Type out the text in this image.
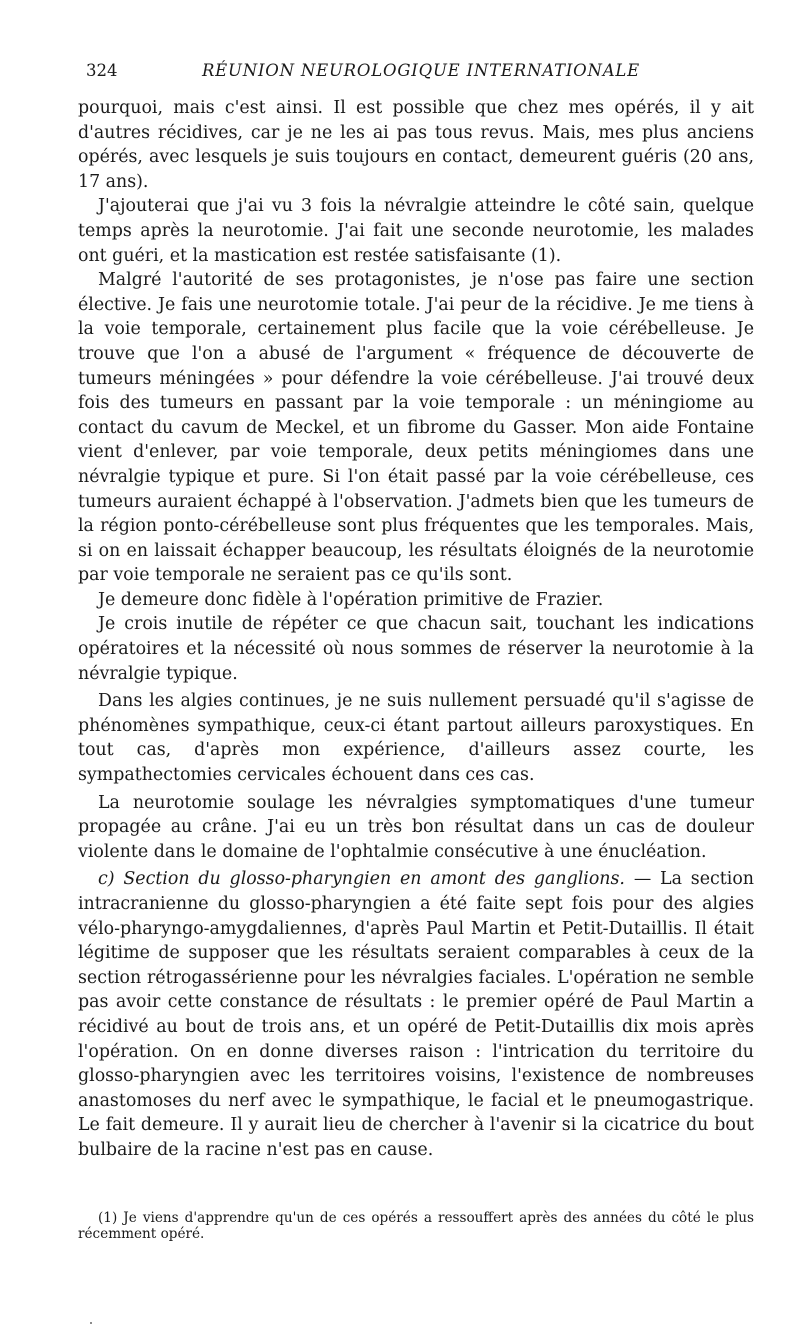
324	RÉUNION NEUROLOGIQUE INTERNATIONALE

pourquoi, mais c'est ainsi. Il est possible que chez mes opérés, il y ait d'autres récidives, car je ne les ai pas tous revus. Mais, mes plus anciens opérés, avec lesquels je suis toujours en contact, demeurent guéris (20 ans, 17 ans).

J'ajouterai que j'ai vu 3 fois la névralgie atteindre le côté sain, quelque temps après la neurotomie. J'ai fait une seconde neurotomie, les malades ont guéri, et la mastication est restée satisfaisante (1).

Malgré l'autorité de ses protagonistes, je n'ose pas faire une section élective. Je fais une neurotomie totale. J'ai peur de la récidive. Je me tiens à la voie temporale, certainement plus facile que la voie cérébelleuse. Je trouve que l'on a abusé de l'argument « fréquence de découverte de tumeurs méningées » pour défendre la voie cérébelleuse. J'ai trouvé deux fois des tumeurs en passant par la voie temporale : un méningiome au contact du cavum de Meckel, et un fibrome du Gasser. Mon aide Fontaine vient d'enlever, par voie temporale, deux petits méningiomes dans une névralgie typique et pure. Si l'on était passé par la voie cérébelleuse, ces tumeurs auraient échappé à l'observation. J'admets bien que les tumeurs de la région ponto-cérébelleuse sont plus fréquentes que les temporales. Mais, si on en laissait échapper beaucoup, les résultats éloignés de la neurotomie par voie temporale ne seraient pas ce qu'ils sont.

Je demeure donc fidèle à l'opération primitive de Frazier.

Je crois inutile de répéter ce que chacun sait, touchant les indications opératoires et la nécessité où nous sommes de réserver la neurotomie à la névralgie typique.

Dans les algies continues, je ne suis nullement persuadé qu'il s'agisse de phénomènes sympathique, ceux-ci étant partout ailleurs paroxystiques. En tout cas, d'après mon expérience, d'ailleurs assez courte, les sympathectomies cervicales échouent dans ces cas.

La neurotomie soulage les névralgies symptomatiques d'une tumeur propagée au crâne. J'ai eu un très bon résultat dans un cas de douleur violente dans le domaine de l'ophtalmie consécutive à une énucléation.

c) Section du glosso-pharyngien en amont des ganglions. — La section intracranienne du glosso-pharyngien a été faite sept fois pour des algies vélo-pharyngo-amygdaliennes, d'après Paul Martin et Petit-Dutaillis. Il était légitime de supposer que les résultats seraient comparables à ceux de la section rétrogassérienne pour les névralgies faciales. L'opération ne semble pas avoir cette constance de résultats : le premier opéré de Paul Martin a récidivé au bout de trois ans, et un opéré de Petit-Dutaillis dix mois après l'opération. On en donne diverses raison : l'intrication du territoire du glosso-pharyngien avec les territoires voisins, l'existence de nombreuses anastomoses du nerf avec le sympathique, le facial et le pneumogastrique. Le fait demeure. Il y aurait lieu de chercher à l'avenir si la cicatrice du bout bulbaire de la racine n'est pas en cause.

(1) Je viens d'apprendre qu'un de ces opérés a ressouffert après des années du côté le plus récemment opéré.
